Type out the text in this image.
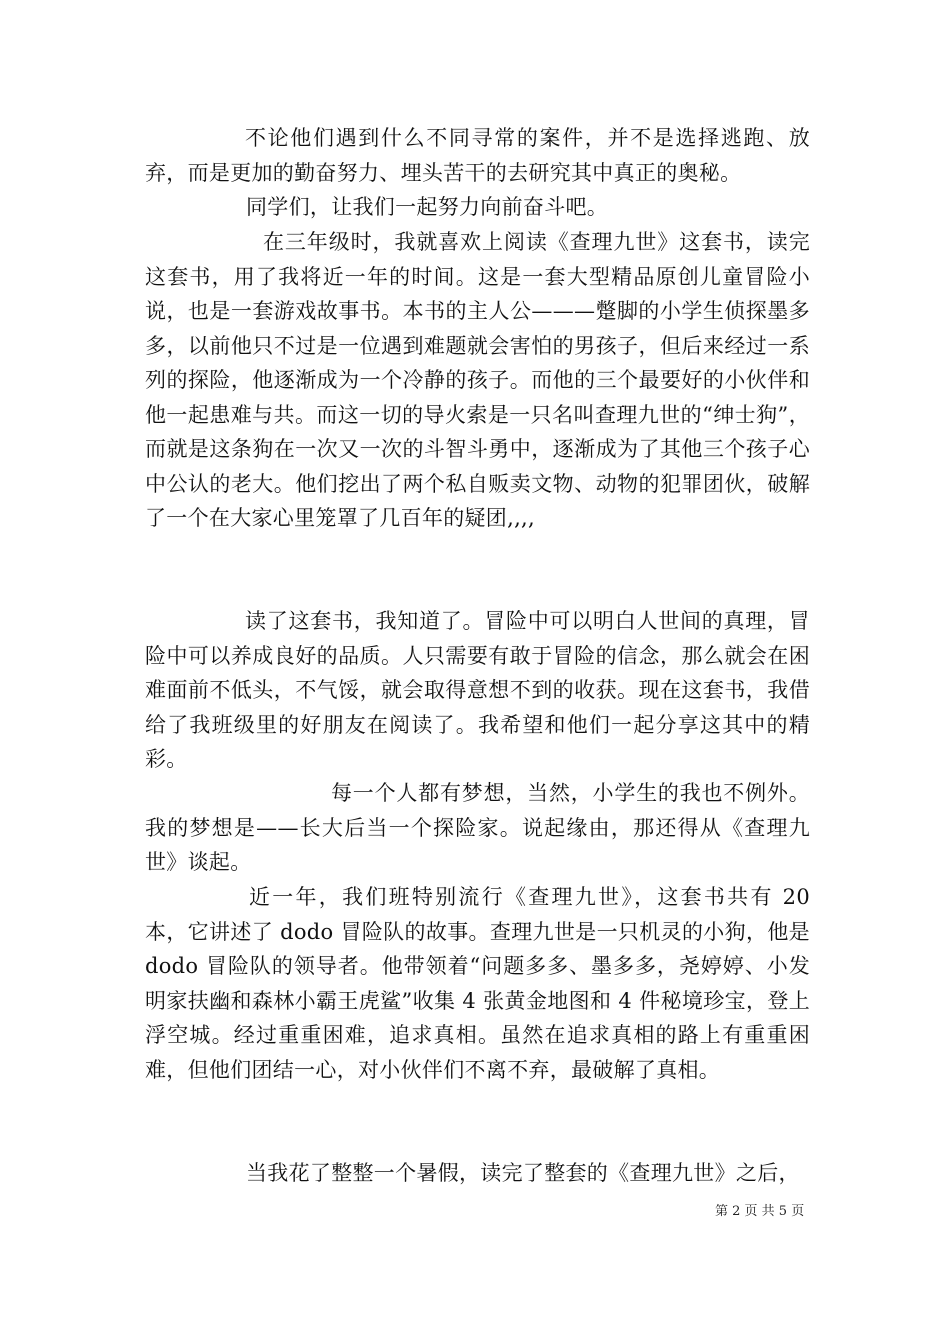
不论他们遇到什么不同寻常的案件，并不是选择逃跑、放弃，而是更加的勤奋努力、埋头苦干的去研究其中真正的奥秘。

同学们，让我们一起努力向前奋斗吧。

在三年级时，我就喜欢上阅读《查理九世》这套书，读完这套书，用了我将近一年的时间。这是一套大型精品原创儿童冒险小说，也是一套游戏故事书。本书的主人公———蹩脚的小学生侦探墨多多，以前他只不过是一位遇到难题就会害怕的男孩子，但后来经过一系列的探险，他逐渐成为一个冷静的孩子。而他的三个最要好的小伙伴和他一起患难与共。而这一切的导火索是一只名叫查理九世的“绅士狗”，而就是这条狗在一次又一次的斗智斗勇中，逐渐成为了其他三个孩子心中公认的老大。他们挖出了两个私自贩卖文物、动物的犯罪团伙，破解了一个在大家心里笼罩了几百年的疑团,,,,

读了这套书，我知道了。冒险中可以明白人世间的真理，冒险中可以养成良好的品质。人只需要有敢于冒险的信念，那么就会在困难面前不低头，不气馁，就会取得意想不到的收获。现在这套书，我借给了我班级里的好朋友在阅读了。我希望和他们一起分享这其中的精彩。

每一个人都有梦想，当然，小学生的我也不例外。我的梦想是——长大后当一个探险家。说起缘由，那还得从《查理九世》谈起。

近一年，我们班特别流行《查理九世》，这套书共有 20 本，它讲述了 dodo 冒险队的故事。查理九世是一只机灵的小狗，他是 dodo 冒险队的领导者。他带领着“问题多多、墨多多，尧婷婷、小发明家扶幽和森林小霸王虎鲨”收集 4 张黄金地图和 4 件秘境珍宝，登上浮空城。经过重重困难，追求真相。虽然在追求真相的路上有重重困难，但他们团结一心，对小伙伴们不离不弃，最破解了真相。

当我花了整整一个暑假，读完了整套的《查理九世》之后，

第 2 页 共 5 页
